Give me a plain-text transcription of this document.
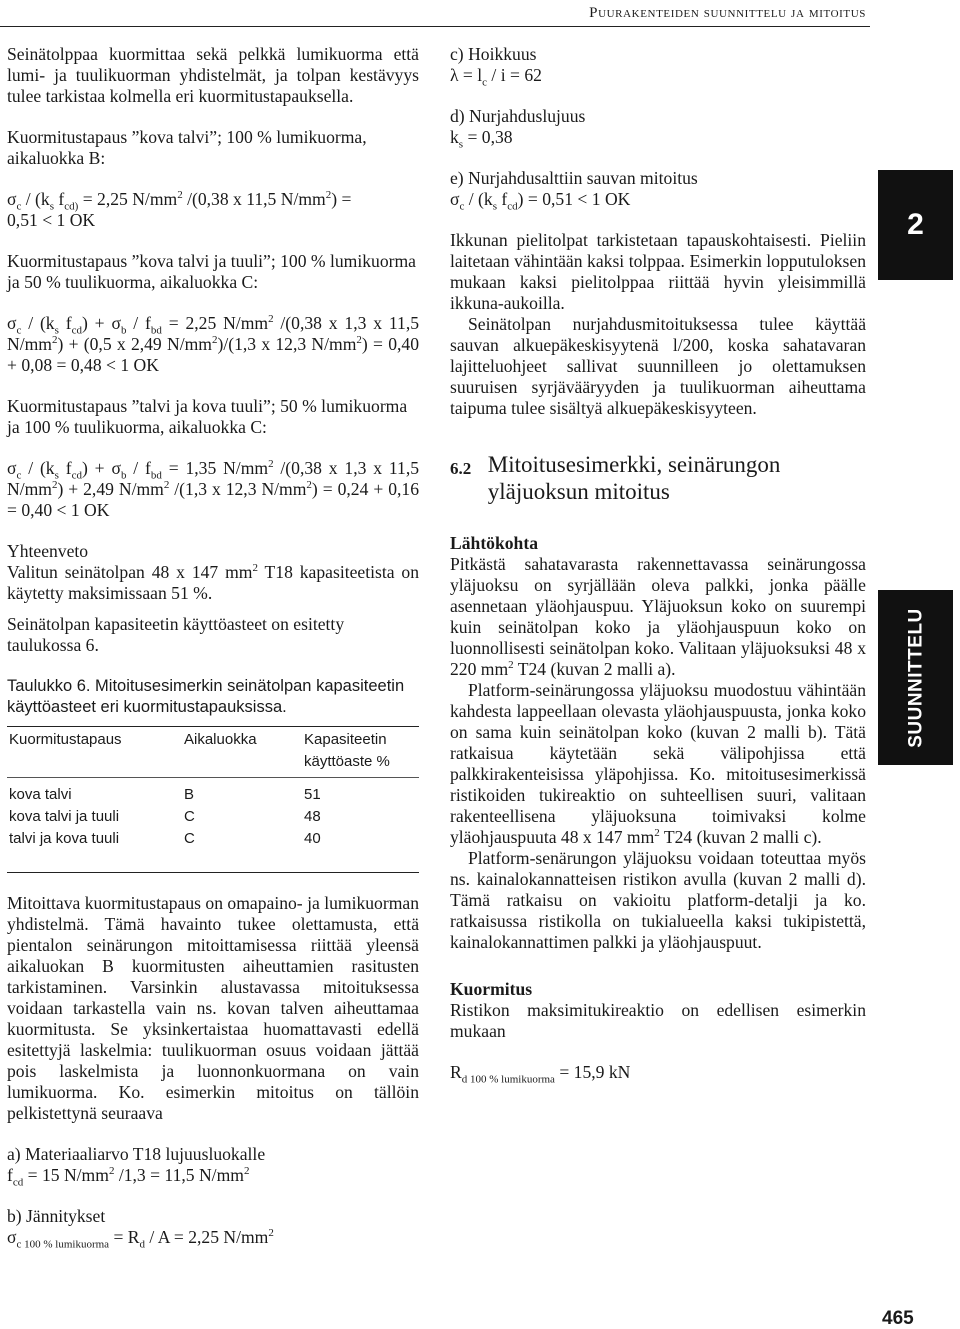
Puurakenteiden suunnittelu ja mitoitus

Seinätolppaa kuormittaa sekä pelkkä lumikuorma että lumi- ja tuulikuorman yhdistelmät, ja tolpan kestävyys tulee tarkistaa kolmella eri kuormitustapauksella.

Kuormitustapaus ”kova talvi”; 100 % lumikuorma, aikaluokka B:

$\sigma_c / (k_s$ $f_{cd)} = 2,25$ $N/mm^2$ /(0,38 x 11,5 $N/mm^2$) =
0,51 < 1 OK

Kuormitustapaus ”kova talvi ja tuuli”; 100 % lumikuorma ja 50 % tuulikuorma, aikaluokka C:

$\sigma_c / (k_s$ $f_{cd}) + \sigma_b / f_{bd} = 2,25$ $N/mm^2$ /(0,38 x 1,3 x 11,5 $N/mm^2) + (0,5$ x 2,49 $N/mm^2)/(1,3$ x 12,3 $N/mm^2) = 0,40 + 0,08 = 0,48 < 1$ OK

Kuormitustapaus ”talvi ja kova tuuli”; 50 % lumikuorma ja 100 % tuulikuorma, aikaluokka C:

$\sigma_c / (k_s$ $f_{cd}) + \sigma_b / f_{bd} = 1,35$ $N/mm^2$ /(0,38 x 1,3 x 11,5 $N/mm^2) + 2,49$ $N/mm^2$ /(1,3 x 12,3 $N/mm^2) = 0,24 + 0,16 = 0,40 < 1$ OK

Yhteenveto

Valitun seinätolpan 48 x 147 $mm^2$ T18 kapasiteetista on käytetty maksimissaan 51 %.

Seinätolpan kapasiteetin käyttöasteet on esitetty taulukossa 6.

Taulukko 6. Mitoitusesimerkin seinätolpan kapasiteetin käyttöasteet eri kuormitustapauksissa.

Kuormitustapaus	Aikaluokka	Kapasiteetin käyttöaste %
kova talvi	B	51
kova talvi ja tuuli	C	48
talvi ja kova tuuli	C	40

Mitoittava kuormitustapaus on omapaino- ja lumikuorman yhdistelmä. Tämä havainto tukee olettamusta, että pientalon seinärungon mitoittamisessa riittää yleensä aikaluokan B kuormitusten aiheuttamien rasitusten tarkistaminen. Varsinkin alustavassa mitoituksessa voidaan tarkastella vain ns. kovan talven aiheuttamaa kuormitusta. Se yksinkertaistaa huomattavasti edellä esitettyjä laskelmia: tuulikuorman osuus voidaan jättää pois laskelmista ja luonnonkuormana on vain lumikuorma. Ko. esimerkin mitoitus on tällöin pelkistettynä seuraava

a) Materiaaliarvo T18 lujuusluokalle

$f_{cd} = 15$ $N/mm^2$ /1,3 = 11,5 $N/mm^2$

b) Jännitykset

$\sigma_{c 100 \% lumikuorma} = R_d / A = 2,25$ $N/mm^2$

c) Hoikkuus

$\lambda = l_c / i = 62$

d) Nurjahduslujuus

$k_s = 0,38$

e) Nurjahdusalttiin sauvan mitoitus

$\sigma_c / (k_s$ $f_{cd}) = 0,51 < 1$ OK

Ikkunan pielitolpat tarkistetaan tapauskohtaisesti. Pieliin laitetaan vähintään kaksi tolppaa. Esimerkin lopputuloksen mukaan kaksi pielitolppaa riittää hyvin yleisimmillä ikkuna-aukoilla.

Seinätolpan nurjahdusmitoituksessa tulee käyttää sauvan alkuepäkeskisyytenä l/200, koska sahatavaran lajitteluohjeet sallivat suunnilleen jo olettamuksen suuruisen syrjävääryyden ja tuulikuorman aiheuttama taipuma tulee sisältyä alkuepäkeskisyyteen.

6.2 Mitoitusesimerkki, seinärungon yläjuoksun mitoitus

Lähtökohta

Pitkästä sahatavarasta rakennettavassa seinärungossa yläjuoksu on syrjällään oleva palkki, jonka päälle asennetaan yläohjauspuu. Yläjuoksun koko on suurempi kuin seinätolpan koko ja yläohjauspuun koko on luonnollisesti seinätolpan koko. Valitaan yläjuoksuksi 48 x 220 $mm^2$ T24 (kuvan 2 malli a).

Platform-seinärungossa yläjuoksu muodostuu vähintään kahdesta lappeellaan olevasta yläohjauspuusta, jonka koko on sama kuin seinätolpan koko (kuvan 2 malli b). Tätä ratkaisua käytetään sekä välipohjissa että palkkirakenteisissa yläpohjissa. Ko. mitoitusesimerkissä ristikoiden tukireaktio on suhteellisen suuri, valitaan rakenteellisena yläjuoksuna toimivaksi kolme yläohjauspuuta 48 x 147 $mm^2$ T24 (kuvan 2 malli c).

Platform-senärungon yläjuoksu voidaan toteuttaa myös ns. kainalokannatteisen ristikon avulla (kuvan 2 malli d). Tämä ratkaisu on vakioitu platform-detalji ja ko. ratkaisussa ristikolla on tukialueella kaksi tukipistettä, kainalokannattimen palkki ja yläohjauspuut.

Kuormitus

Ristikon maksimitukireaktio on edellisen esimerkin mukaan

$R_{d 100 \% lumikuorma} = 15,9$ kN

2
SUUNNITTELU
465
